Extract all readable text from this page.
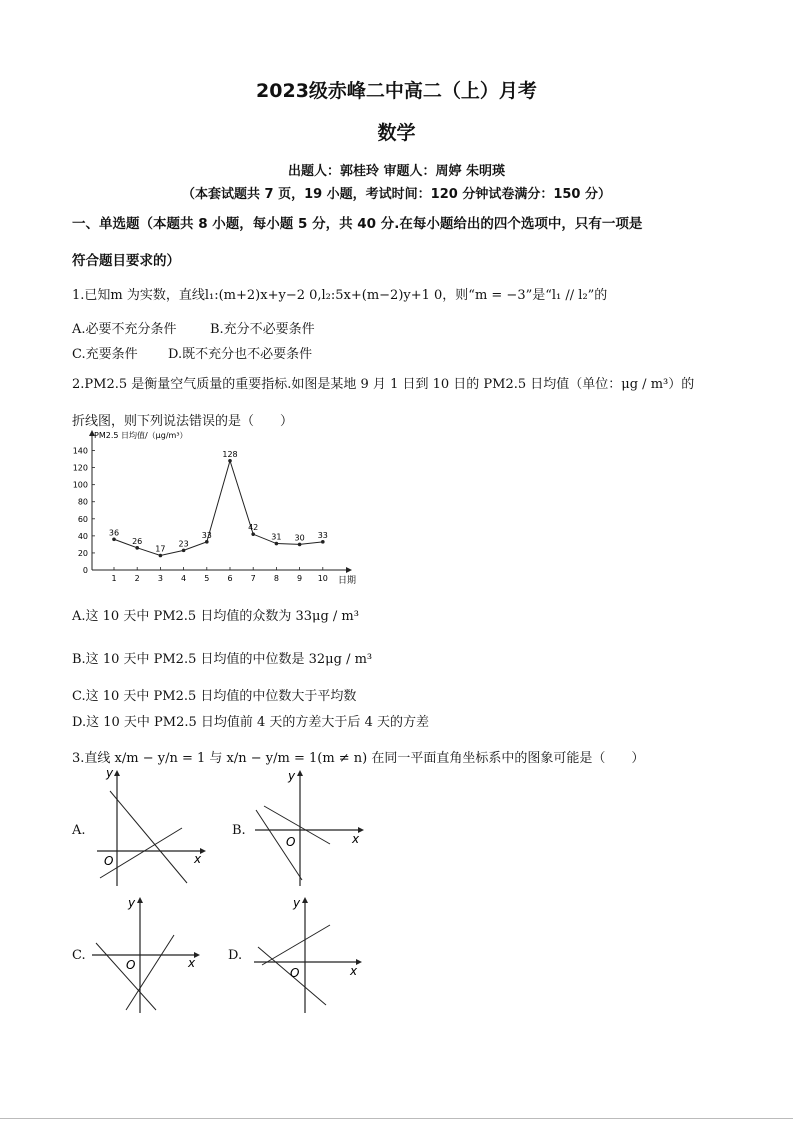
2023级赤峰二中高二（上）月考
数学
出题人：郭桂玲 审题人：周婷 朱明瑛
（本套试题共 7 页，19 小题，考试时间：120 分钟试卷满分：150 分）
一、单选题（本题共 8 小题，每小题 5 分，共 40 分.在每小题给出的四个选项中，只有一项是
符合题目要求的）
1.已知m 为实数，直线l₁:(m+2)x+y−2 0,l₂:5x+(m−2)y+1 0，则“m = −3”是“l₁ // l₂”的
A.必要不充分条件	B.充分不必要条件
C.充要条件 D.既不充分也不必要条件
2.PM2.5 是衡量空气质量的重要指标.如图是某地 9 月 1 日到 10 日的 PM2.5 日均值（单位：μg / m³）的
折线图，则下列说法错误的是（　　）
0
20
40
60
80
100
120
140
1 2 3 4 5 6 7 8 9 10
PM2.5 日均值/（μg/m³）
日期
36
26
17
23
33
128
42
31 30 33
A.这 10 天中 PM2.5 日均值的众数为 33μg / m³
B.这 10 天中 PM2.5 日均值的中位数是 32μg / m³
C.这 10 天中 PM2.5 日均值的中位数大于平均数
D.这 10 天中 PM2.5 日均值前 4 天的方差大于后 4 天的方差
3.直线 x/m − y/n = 1 与 x/n − y/m = 1(m ≠ n) 在同一平面直角坐标系中的图象可能是（　　）
A.
y
x
O
B.
y
x
O
C.
y
x
O
D.
y
x
O
